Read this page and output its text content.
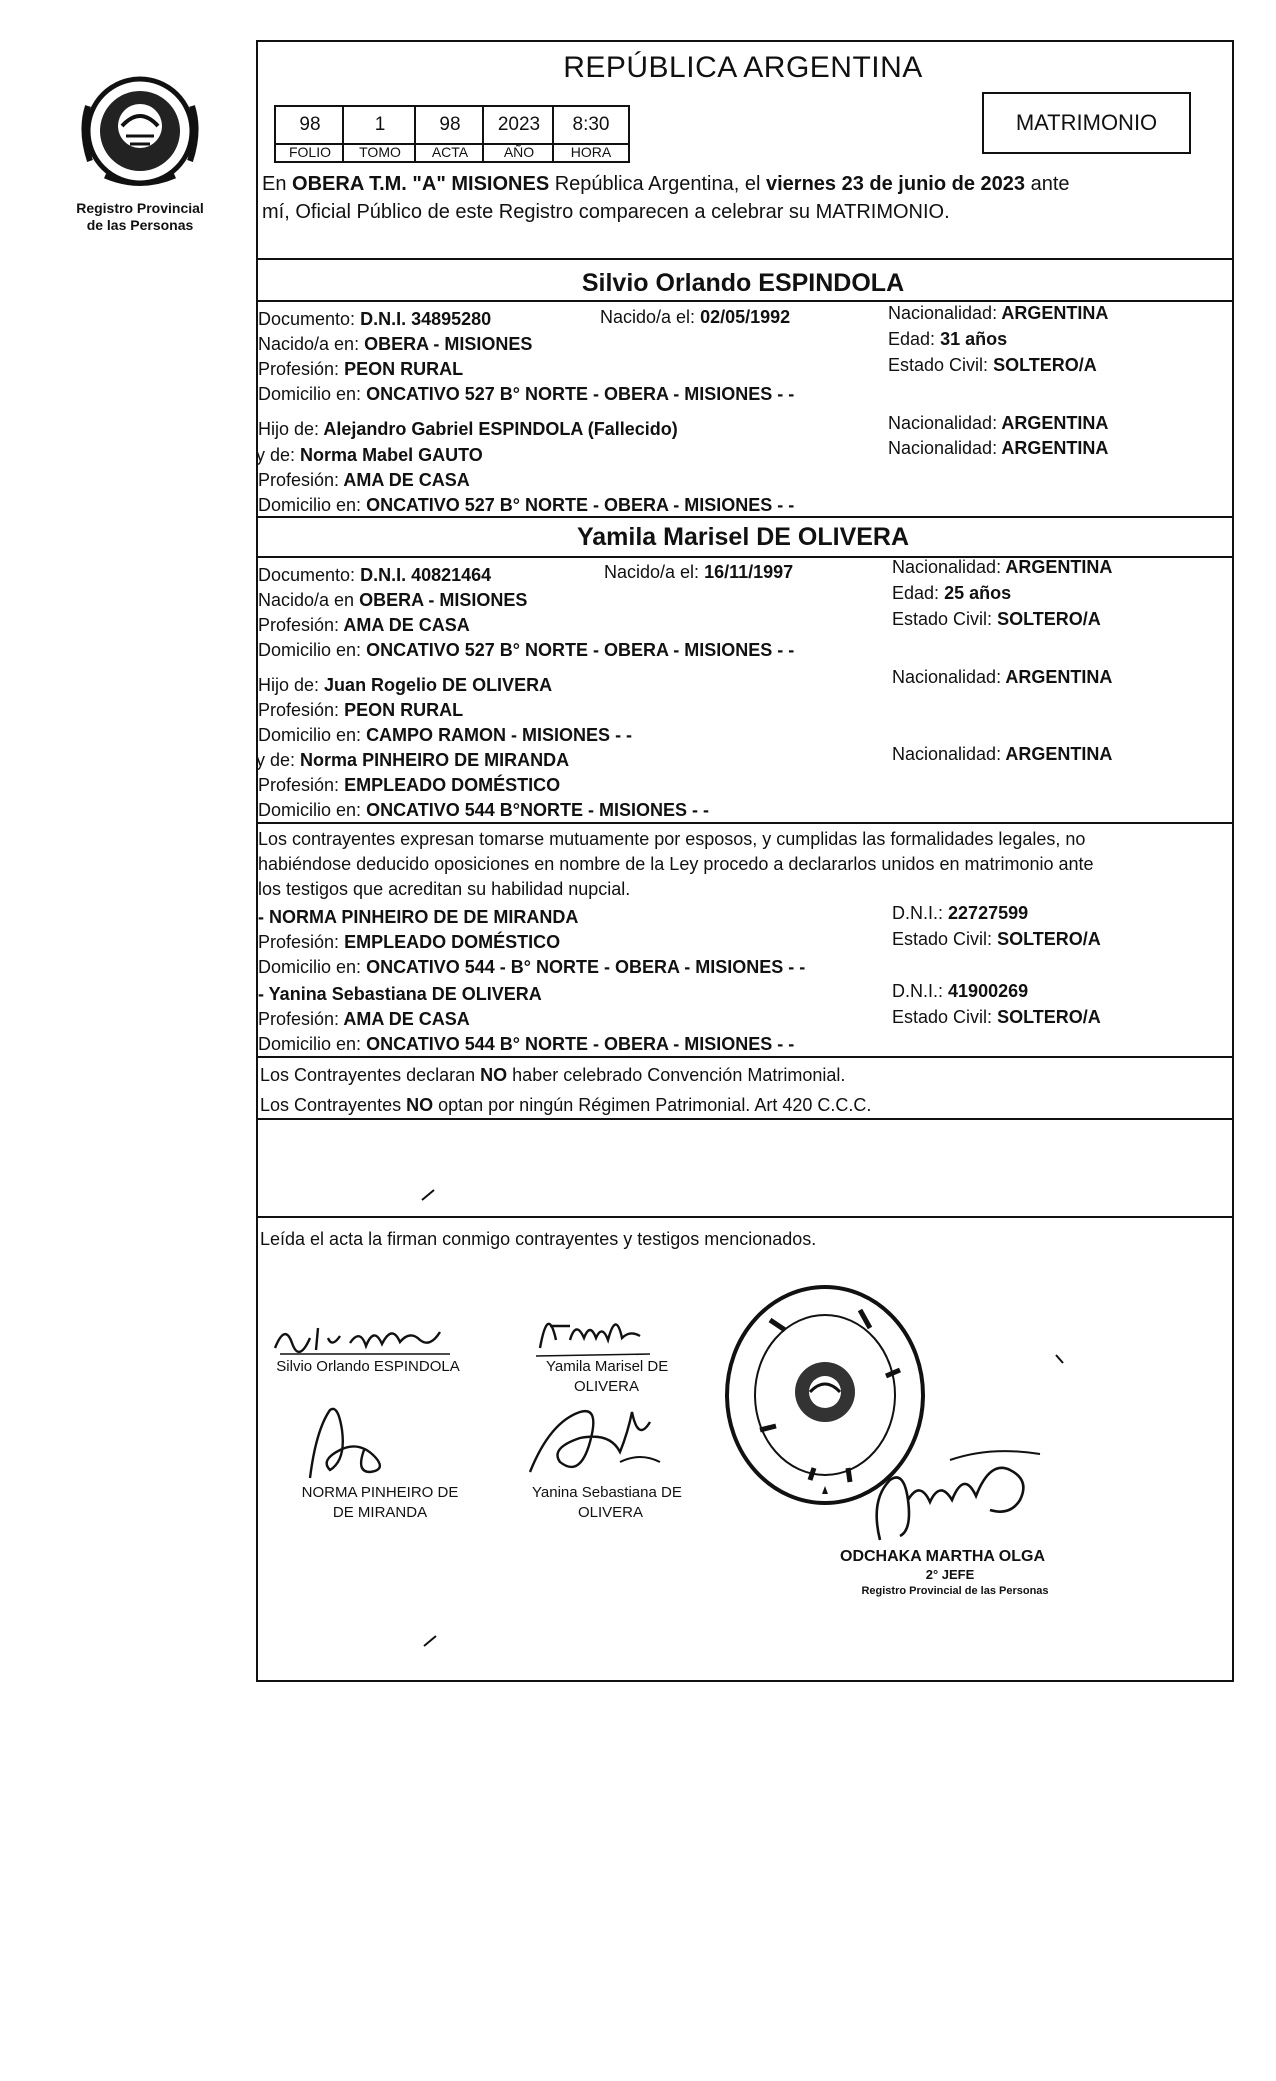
Registro Provincial
de las Personas
REPÚBLICA ARGENTINA
98	1	98	2023	8:30
FOLIO	TOMO	ACTA	AÑO	HORA
MATRIMONIO
En OBERA T.M. "A" MISIONES República Argentina, el viernes 23 de junio de 2023 ante
mí, Oficial Público de este Registro comparecen a celebrar su MATRIMONIO.
Silvio Orlando ESPINDOLA
Documento: D.N.I. 34895280	Nacido/a el: 02/05/1992	Nacionalidad: ARGENTINA
Nacido/a en: OBERA - MISIONES	Edad: 31 años
Profesión: PEON RURAL	Estado Civil: SOLTERO/A
Domicilio en: ONCATIVO 527 B° NORTE - OBERA - MISIONES - -
Hijo de: Alejandro Gabriel ESPINDOLA (Fallecido)	Nacionalidad: ARGENTINA
y de: Norma Mabel GAUTO	Nacionalidad: ARGENTINA
Profesión: AMA DE CASA
Domicilio en: ONCATIVO 527 B° NORTE - OBERA - MISIONES - -
Yamila Marisel DE OLIVERA
Documento: D.N.I. 40821464	Nacido/a el: 16/11/1997	Nacionalidad: ARGENTINA
Nacido/a en OBERA - MISIONES	Edad: 25 años
Profesión: AMA DE CASA	Estado Civil: SOLTERO/A
Domicilio en: ONCATIVO 527 B° NORTE - OBERA - MISIONES - -
Hijo de: Juan Rogelio DE OLIVERA	Nacionalidad: ARGENTINA
Profesión: PEON RURAL
Domicilio en: CAMPO RAMON - MISIONES - -
y de: Norma PINHEIRO DE MIRANDA	Nacionalidad: ARGENTINA
Profesión: EMPLEADO DOMÉSTICO
Domicilio en: ONCATIVO 544 B°NORTE - MISIONES - -
Los contrayentes expresan tomarse mutuamente por esposos, y cumplidas las formalidades legales, no
habiéndose deducido oposiciones en nombre de la Ley procedo a declararlos unidos en matrimonio ante
los testigos que acreditan su habilidad nupcial.
- NORMA PINHEIRO DE DE MIRANDA	D.N.I.: 22727599
Profesión: EMPLEADO DOMÉSTICO	Estado Civil: SOLTERO/A
Domicilio en: ONCATIVO 544 - B° NORTE - OBERA - MISIONES - -
- Yanina Sebastiana DE OLIVERA	D.N.I.: 41900269
Profesión: AMA DE CASA	Estado Civil: SOLTERO/A
Domicilio en: ONCATIVO 544 B° NORTE - OBERA - MISIONES - -
Los Contrayentes declaran NO haber celebrado Convención Matrimonial.
Los Contrayentes NO optan por ningún Régimen Patrimonial. Art 420 C.C.C.
Leída el acta la firman conmigo contrayentes y testigos mencionados.
Silvio Orlando ESPINDOLA	Yamila Marisel DE
OLIVERA
NORMA PINHEIRO DE
DE MIRANDA
Yanina Sebastiana DE
OLIVERA
ODCHAKA MARTHA OLGA
2° JEFE
Registro Provincial de las Personas
